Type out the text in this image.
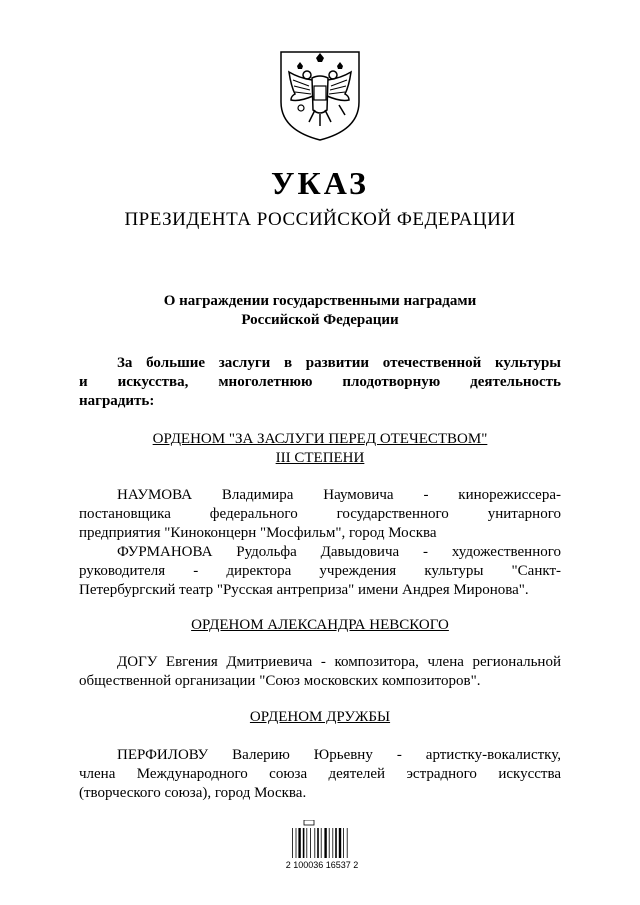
УКАЗ
ПРЕЗИДЕНТА РОССИЙСКОЙ ФЕДЕРАЦИИ
О награждении государственными наградами
Российской Федерации
За большие заслуги в развитии отечественной культуры
и искусства, многолетнюю плодотворную деятельность
наградить:
ОРДЕНОМ "ЗА ЗАСЛУГИ ПЕРЕД ОТЕЧЕСТВОМ"
III СТЕПЕНИ
НАУМОВА Владимира Наумовича - кинорежиссера-
постановщика федерального государственного унитарного
предприятия "Киноконцерн "Мосфильм", город Москва
ФУРМАНОВА Рудольфа Давыдовича - художественного
руководителя - директора учреждения культуры "Санкт-
Петербургский театр "Русская антреприза" имени Андрея Миронова".
ОРДЕНОМ АЛЕКСАНДРА НЕВСКОГО
ДОГУ Евгения Дмитриевича - композитора, члена региональной
общественной организации "Союз московских композиторов".
ОРДЕНОМ ДРУЖБЫ
ПЕРФИЛОВУ Валерию Юрьевну - артистку-вокалистку,
члена Международного союза деятелей эстрадного искусства
(творческого союза), город Москва.
2 100036 16537 2
